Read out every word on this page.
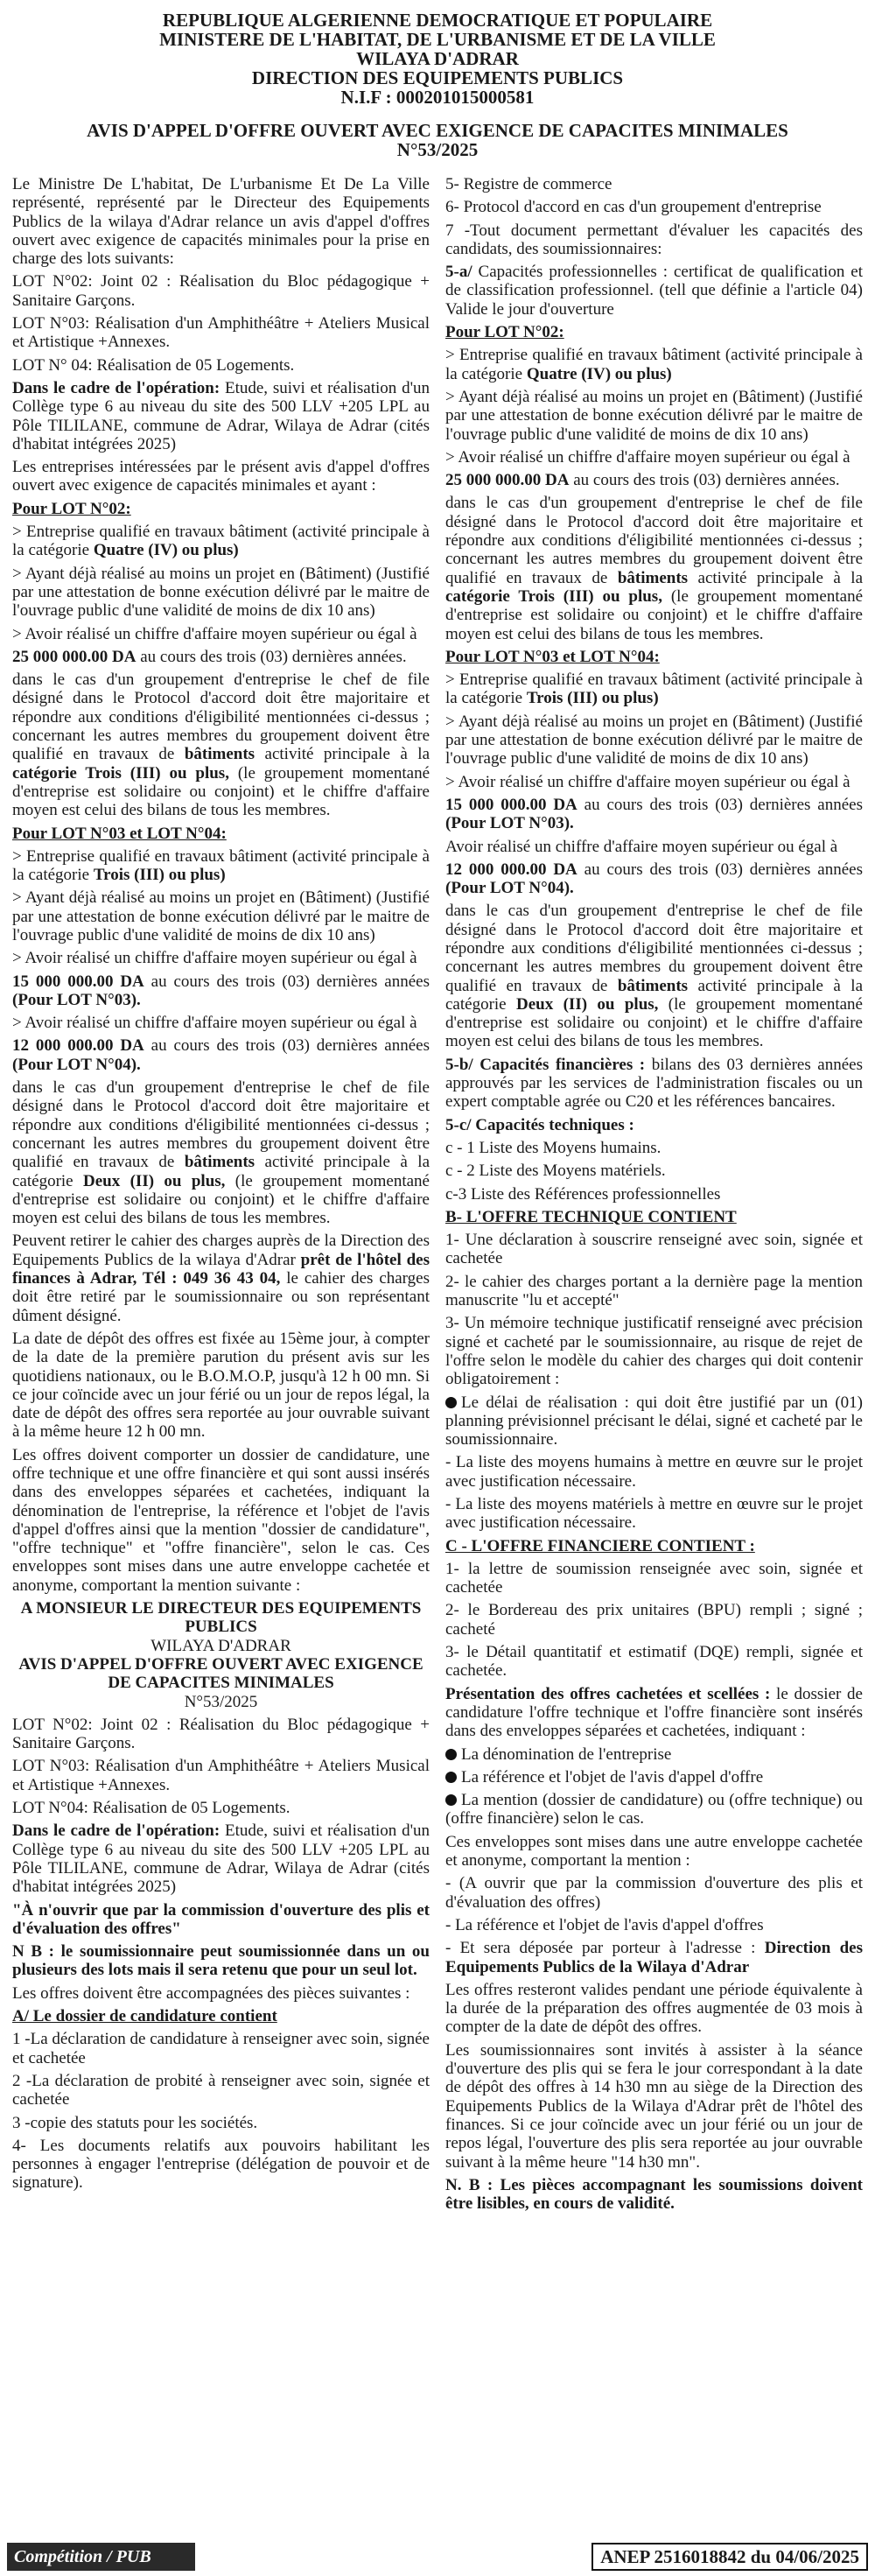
REPUBLIQUE ALGERIENNE DEMOCRATIQUE ET POPULAIRE
MINISTERE DE L'HABITAT, DE L'URBANISME ET DE LA VILLE
WILAYA D'ADRAR
DIRECTION DES EQUIPEMENTS PUBLICS
N.I.F : 000201015000581
AVIS D'APPEL D'OFFRE OUVERT AVEC EXIGENCE DE CAPACITES MINIMALES
N°53/2025

Le Ministre De L'habitat, De L'urbanisme Et De La Ville représenté, représenté par le Directeur des Equipements Publics de la wilaya d'Adrar relance un avis d'appel d'offres ouvert avec exigence de capacités minimales pour la prise en charge des lots suivants:

LOT N°02: Joint 02 : Réalisation du Bloc pédagogique + Sanitaire Garçons.

LOT N°03: Réalisation d'un Amphithéâtre + Ateliers Musical et Artistique +Annexes.

LOT N° 04: Réalisation de 05 Logements.

Dans le cadre de l'opération: Etude, suivi et réalisation d'un Collège type 6 au niveau du site des 500 LLV +205 LPL au Pôle TILILANE, commune de Adrar, Wilaya de Adrar (cités d'habitat intégrées 2025)

Les entreprises intéressées par le présent avis d'appel d'offres ouvert avec exigence de capacités minimales et ayant :

Pour LOT N°02:

> Entreprise qualifié en travaux bâtiment (activité principale à la catégorie Quatre (IV) ou plus)

> Ayant déjà réalisé au moins un projet en (Bâtiment) (Justifié par une attestation de bonne exécution délivré par le maitre de l'ouvrage public d'une validité de moins de dix 10 ans)

> Avoir réalisé un chiffre d'affaire moyen supérieur ou égal à

25 000 000.00 DA au cours des trois (03) dernières années.

dans le cas d'un groupement d'entreprise le chef de file désigné dans le Protocol d'accord doit être majoritaire et répondre aux conditions d'éligibilité mentionnées ci-dessus ; concernant les autres membres du groupement doivent être qualifié en travaux de bâtiments activité principale à la catégorie Trois (III) ou plus, (le groupement momentané d'entreprise est solidaire ou conjoint) et le chiffre d'affaire moyen est celui des bilans de tous les membres.

Pour LOT N°03 et LOT N°04:

> Entreprise qualifié en travaux bâtiment (activité principale à la catégorie Trois (III) ou plus)

> Ayant déjà réalisé au moins un projet en (Bâtiment) (Justifié par une attestation de bonne exécution délivré par le maitre de l'ouvrage public d'une validité de moins de dix 10 ans)

> Avoir réalisé un chiffre d'affaire moyen supérieur ou égal à

15 000 000.00 DA au cours des trois (03) dernières années (Pour LOT N°03).

> Avoir réalisé un chiffre d'affaire moyen supérieur ou égal à

12 000 000.00 DA au cours des trois (03) dernières années (Pour LOT N°04).

dans le cas d'un groupement d'entreprise le chef de file désigné dans le Protocol d'accord doit être majoritaire et répondre aux conditions d'éligibilité mentionnées ci-dessus ; concernant les autres membres du groupement doivent être qualifié en travaux de bâtiments activité principale à la catégorie Deux (II) ou plus, (le groupement momentané d'entreprise est solidaire ou conjoint) et le chiffre d'affaire moyen est celui des bilans de tous les membres.

Peuvent retirer le cahier des charges auprès de la Direction des Equipements Publics de la wilaya d'Adrar prêt de l'hôtel des finances à Adrar, Tél : 049 36 43 04, le cahier des charges doit être retiré par le soumissionnaire ou son représentant dûment désigné.

La date de dépôt des offres est fixée au 15ème jour, à compter de la date de la première parution du présent avis sur les quotidiens nationaux, ou le B.O.M.O.P, jusqu'à 12 h 00 mn. Si ce jour coïncide avec un jour férié ou un jour de repos légal, la date de dépôt des offres sera reportée au jour ouvrable suivant à la même heure 12 h 00 mn.

Les offres doivent comporter un dossier de candidature, une offre technique et une offre financière et qui sont aussi insérés dans des enveloppes séparées et cachetées, indiquant la dénomination de l'entreprise, la référence et l'objet de l'avis d'appel d'offres ainsi que la mention "dossier de candidature", "offre technique" et "offre financière", selon le cas. Ces enveloppes sont mises dans une autre enveloppe cachetée et anonyme, comportant la mention suivante :

A MONSIEUR LE DIRECTEUR DES EQUIPEMENTS PUBLICS

WILAYA D'ADRAR

AVIS D'APPEL D'OFFRE OUVERT AVEC EXIGENCE DE CAPACITES MINIMALES

N°53/2025

LOT N°02: Joint 02 : Réalisation du Bloc pédagogique + Sanitaire Garçons.

LOT N°03: Réalisation d'un Amphithéâtre + Ateliers Musical et Artistique +Annexes.

LOT N°04: Réalisation de 05 Logements.

Dans le cadre de l'opération: Etude, suivi et réalisation d'un Collège type 6 au niveau du site des 500 LLV +205 LPL au Pôle TILILANE, commune de Adrar, Wilaya de Adrar (cités d'habitat intégrées 2025)

"À n'ouvrir que par la commission d'ouverture des plis et d'évaluation des offres"

N B : le soumissionnaire peut soumissionnée dans un ou plusieurs des lots mais il sera retenu que pour un seul lot.

Les offres doivent être accompagnées des pièces suivantes :

A/ Le dossier de candidature contient

1 -La déclaration de candidature à renseigner avec soin, signée et cachetée

2 -La déclaration de probité à renseigner avec soin, signée et cachetée

3 -copie des statuts pour les sociétés.

4- Les documents relatifs aux pouvoirs habilitant les personnes à engager l'entreprise (délégation de pouvoir et de signature).

5- Registre de commerce

6- Protocol d'accord en cas d'un groupement d'entreprise

7 -Tout document permettant d'évaluer les capacités des candidats, des soumissionnaires:

5-a/ Capacités professionnelles : certificat de qualification et de classification professionnel. (tell que définie a l'article 04) Valide le jour d'ouverture

Pour LOT N°02:

> Entreprise qualifié en travaux bâtiment (activité principale à la catégorie Quatre (IV) ou plus)

> Ayant déjà réalisé au moins un projet en (Bâtiment) (Justifié par une attestation de bonne exécution délivré par le maitre de l'ouvrage public d'une validité de moins de dix 10 ans)

> Avoir réalisé un chiffre d'affaire moyen supérieur ou égal à

25 000 000.00 DA au cours des trois (03) dernières années.

dans le cas d'un groupement d'entreprise le chef de file désigné dans le Protocol d'accord doit être majoritaire et répondre aux conditions d'éligibilité mentionnées ci-dessus ; concernant les autres membres du groupement doivent être qualifié en travaux de bâtiments activité principale à la catégorie Trois (III) ou plus, (le groupement momentané d'entreprise est solidaire ou conjoint) et le chiffre d'affaire moyen est celui des bilans de tous les membres.

Pour LOT N°03 et LOT N°04:

> Entreprise qualifié en travaux bâtiment (activité principale à la catégorie Trois (III) ou plus)

> Ayant déjà réalisé au moins un projet en (Bâtiment) (Justifié par une attestation de bonne exécution délivré par le maitre de l'ouvrage public d'une validité de moins de dix 10 ans)

> Avoir réalisé un chiffre d'affaire moyen supérieur ou égal à

15 000 000.00 DA au cours des trois (03) dernières années (Pour LOT N°03).

Avoir réalisé un chiffre d'affaire moyen supérieur ou égal à

12 000 000.00 DA au cours des trois (03) dernières années (Pour LOT N°04).

dans le cas d'un groupement d'entreprise le chef de file désigné dans le Protocol d'accord doit être majoritaire et répondre aux conditions d'éligibilité mentionnées ci-dessus ; concernant les autres membres du groupement doivent être qualifié en travaux de bâtiments activité principale à la catégorie Deux (II) ou plus, (le groupement momentané d'entreprise est solidaire ou conjoint) et le chiffre d'affaire moyen est celui des bilans de tous les membres.

5-b/ Capacités financières : bilans des 03 dernières années approuvés par les services de l'administration fiscales ou un expert comptable agrée ou C20 et les références bancaires.

5-c/ Capacités techniques :

c - 1 Liste des Moyens humains.

c - 2 Liste des Moyens matériels.

c-3 Liste des Références professionnelles

B- L'OFFRE TECHNIQUE CONTIENT

1- Une déclaration à souscrire renseigné avec soin, signée et cachetée

2- le cahier des charges portant a la dernière page la mention manuscrite "lu et accepté"

3- Un mémoire technique justificatif renseigné avec précision signé et cacheté par le soumissionnaire, au risque de rejet de l'offre selon le modèle du cahier des charges qui doit contenir obligatoirement :

Le délai de réalisation : qui doit être justifié par un (01) planning prévisionnel précisant le délai, signé et cacheté par le soumissionnaire.

- La liste des moyens humains à mettre en œuvre sur le projet avec justification nécessaire.

- La liste des moyens matériels à mettre en œuvre sur le projet avec justification nécessaire.

C - L'OFFRE FINANCIERE CONTIENT :

1- la lettre de soumission renseignée avec soin, signée et cachetée

2- le Bordereau des prix unitaires (BPU) rempli ; signé ; cacheté

3- le Détail quantitatif et estimatif (DQE) rempli, signée et cachetée.

Présentation des offres cachetées et scellées : le dossier de candidature l'offre technique et l'offre financière sont insérés dans des enveloppes séparées et cachetées, indiquant :

La dénomination de l'entreprise

La référence et l'objet de l'avis d'appel d'offre

La mention (dossier de candidature) ou (offre technique) ou (offre financière) selon le cas.

Ces enveloppes sont mises dans une autre enveloppe cachetée et anonyme, comportant la mention :

- (A ouvrir que par la commission d'ouverture des plis et d'évaluation des offres)

- La référence et l'objet de l'avis d'appel d'offres

- Et sera déposée par porteur à l'adresse : Direction des Equipements Publics de la Wilaya d'Adrar

Les offres resteront valides pendant une période équivalente à la durée de la préparation des offres augmentée de 03 mois à compter de la date de dépôt des offres.

Les soumissionnaires sont invités à assister à la séance d'ouverture des plis qui se fera le jour correspondant à la date de dépôt des offres à 14 h30 mn au siège de la Direction des Equipements Publics de la Wilaya d'Adrar prêt de l'hôtel des finances. Si ce jour coïncide avec un jour férié ou un jour de repos légal, l'ouverture des plis sera reportée au jour ouvrable suivant à la même heure "14 h30 mn".

N. B : Les pièces accompagnant les soumissions doivent être lisibles, en cours de validité.

Compétition / PUB	ANEP 2516018842 du 04/06/2025
